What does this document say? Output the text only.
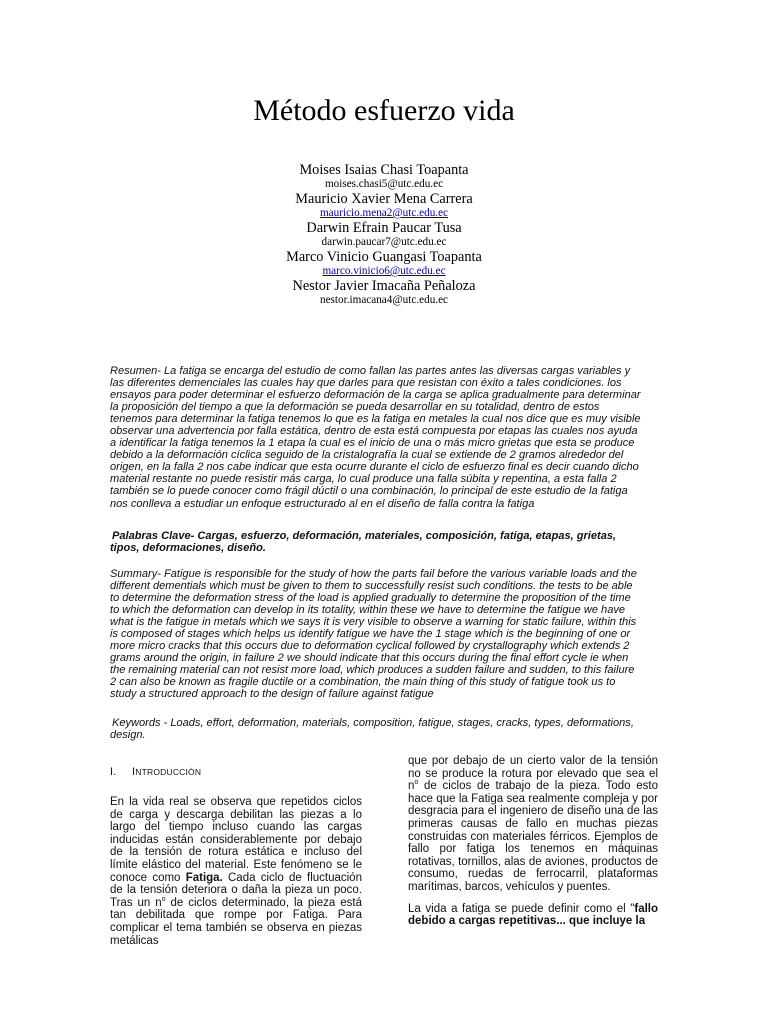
Método esfuerzo vida
Moises Isaias Chasi Toapanta
moises.chasi5@utc.edu.ec
Mauricio Xavier Mena Carrera
mauricio.mena2@utc.edu.ec
Darwin Efrain Paucar Tusa
darwin.paucar7@utc.edu.ec
Marco Vinicio Guangasi Toapanta
marco.vinicio6@utc.edu.ec
Nestor Javier Imacaña Peñaloza
nestor.imacana4@utc.edu.ec
Resumen- La fatiga se encarga del estudio de como fallan las partes antes las diversas cargas variables y
las diferentes demenciales las cuales hay que darles para que resistan con éxito a tales condiciones. los
ensayos para poder determinar el esfuerzo deformación de la carga se aplica gradualmente para determinar
la proposición del tiempo a que la deformación se pueda desarrollar en su totalidad, dentro de estos
tenemos para determinar la fatiga tenemos lo que es la fatiga en metales la cual nos dice que es muy visible
observar una advertencia por falla estática, dentro de esta está compuesta por etapas las cuales nos ayuda
a identificar la fatiga tenemos la 1 etapa la cual es el inicio de una o más micro grietas que esta se produce
debido a la deformación cíclica seguido de la cristalografía la cual se extiende de 2 gramos alrededor del
origen, en la falla 2 nos cabe indicar que esta ocurre durante el ciclo de esfuerzo final es decir cuando dicho
material restante no puede resistir más carga, lo cual produce una falla súbita y repentina, a esta falla 2
también se lo puede conocer como frágil dúctil o una combinación, lo principal de este estudio de la fatiga
nos conlleva a estudiar un enfoque estructurado al en el diseño de falla contra la fatiga
Palabras Clave- Cargas, esfuerzo, deformación, materiales, composición, fatiga, etapas, grietas,
tipos, deformaciones, diseño.
Summary- Fatigue is responsible for the study of how the parts fail before the various variable loads and the
different dementials which must be given to them to successfully resist such conditions. the tests to be able
to determine the deformation stress of the load is applied gradually to determine the proposition of the time
to which the deformation can develop in its totality, within these we have to determine the fatigue we have
what is the fatigue in metals which we says it is very visible to observe a warning for static failure, within this
is composed of stages which helps us identify fatigue we have the 1 stage which is the beginning of one or
more micro cracks that this occurs due to deformation cyclical followed by crystallography which extends 2
grams around the origin, in failure 2 we should indicate that this occurs during the final effort cycle ie when
the remaining material can not resist more load, which produces a sudden failure and sudden, to this failure
2 can also be known as fragile ductile or a combination, the main thing of this study of fatigue took us to
study a structured approach to the design of failure against fatigue
Keywords - Loads, effort, deformation, materials, composition, fatigue, stages, cracks, types, deformations,
design.
I. INTRODUCCIÓN

En la vida real se observa que repetidos ciclos de carga y descarga debilitan las piezas a lo largo del tiempo incluso cuando las cargas inducidas están considerablemente por debajo de la tensión de rotura estática e incluso del límite elástico del material. Este fenómeno se le conoce como Fatiga. Cada ciclo de fluctuación de la tensión deteriora o daña la pieza un poco. Tras un $n^o$ de ciclos determinado, la pieza está tan debilitada que rompe por Fatiga. Para complicar el tema también se observa en piezas metálicas

que por debajo de un cierto valor de la tensión no se produce la rotura por elevado que sea el $n^o$ de ciclos de trabajo de la pieza. Todo esto hace que la Fatiga sea realmente compleja y por desgracia para el ingeniero de diseño una de las primeras causas de fallo en muchas piezas construidas con materiales férricos. Ejemplos de fallo por fatiga los tenemos en máquinas rotativas, tornillos, alas de aviones, productos de consumo, ruedas de ferrocarril, plataformas marítimas, barcos, vehículos y puentes.

La vida a fatiga se puede definir como el "fallo debido a cargas repetitivas... que incluye la
